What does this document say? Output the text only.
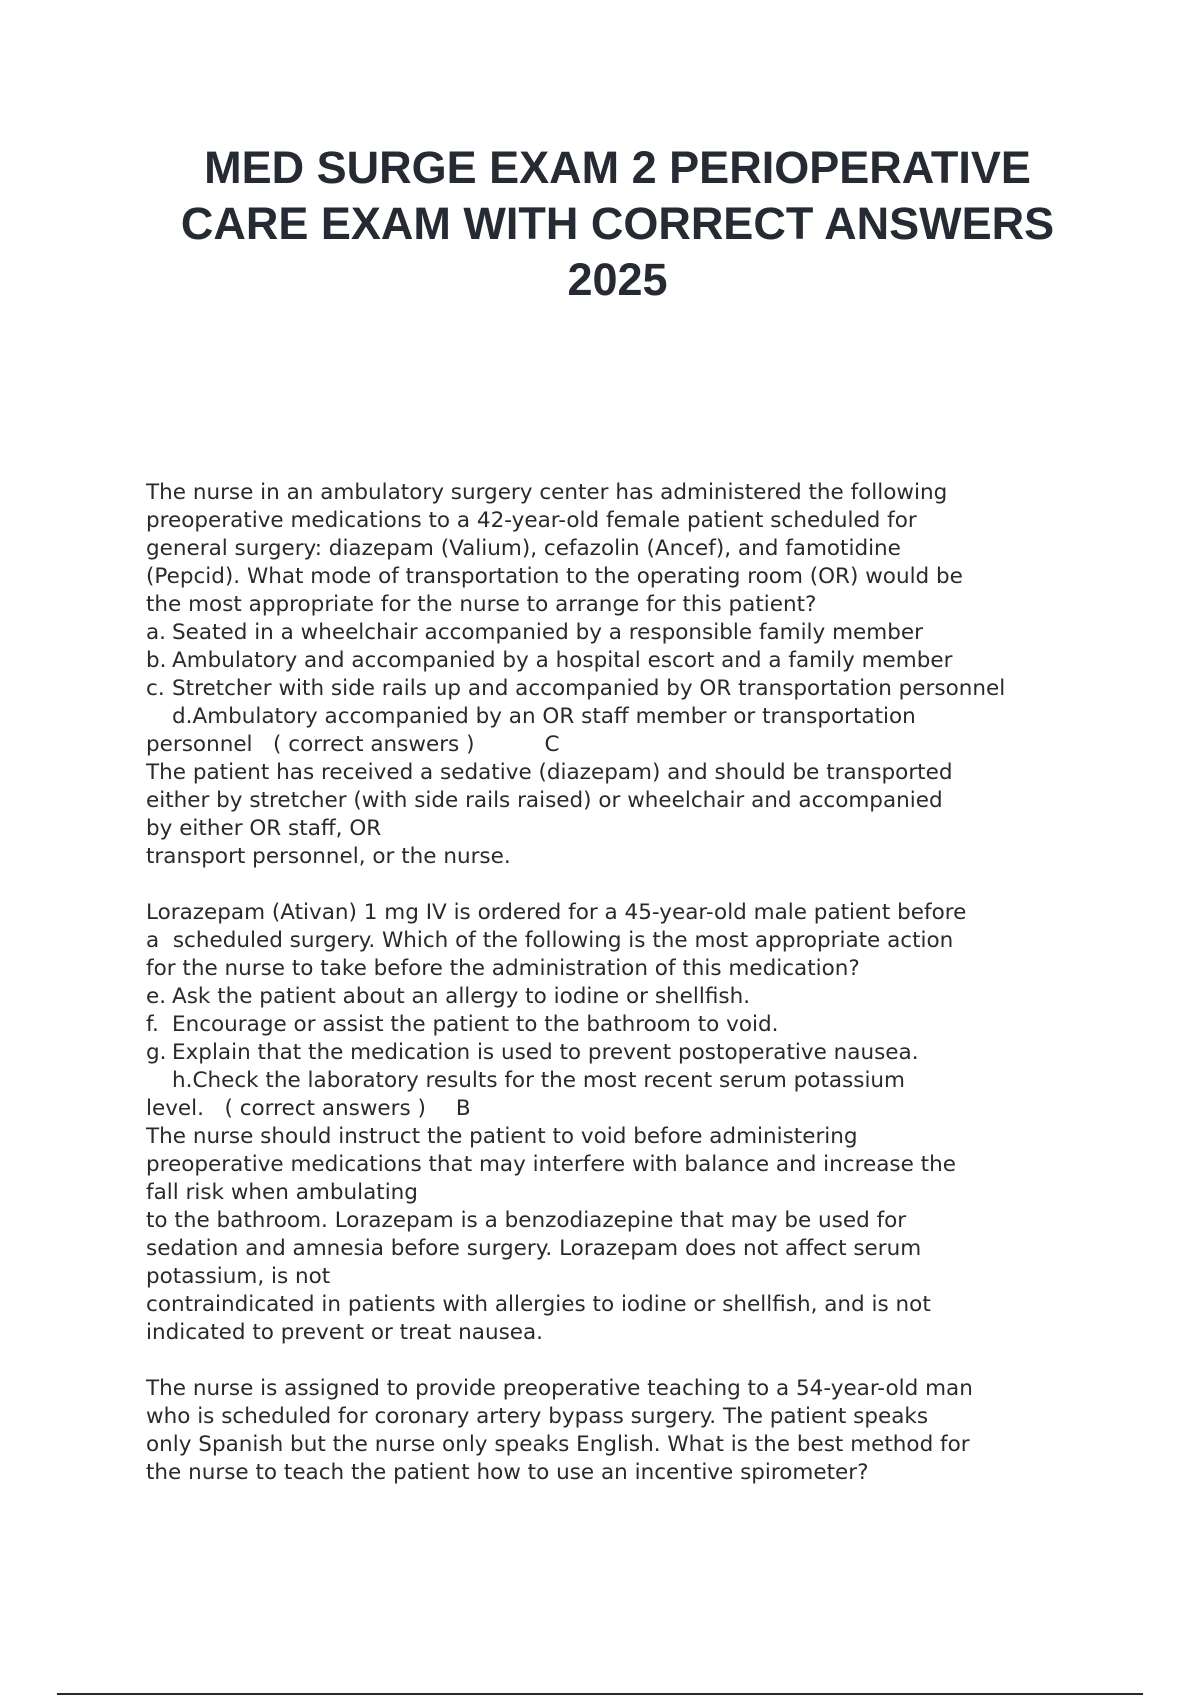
MED SURGE EXAM 2 PERIOPERATIVE
CARE EXAM WITH CORRECT ANSWERS
2025

The nurse in an ambulatory surgery center has administered the following

preoperative medications to a 42-year-old female patient scheduled for

general surgery: diazepam (Valium), cefazolin (Ancef), and famotidine

(Pepcid). What mode of transportation to the operating room (OR) would be

the most appropriate for the nurse to arrange for this patient?

a. Seated in a wheelchair accompanied by a responsible family member
b. Ambulatory and accompanied by a hospital escort and a family member
c. Stretcher with side rails up and accompanied by OR transportation personnel

d.Ambulatory accompanied by an OR staff member or transportation

personnel ( correct answers )	C

The patient has received a sedative (diazepam) and should be transported

either by stretcher (with side rails raised) or wheelchair and accompanied

by either OR staff, OR

transport personnel, or the nurse.

Lorazepam (Ativan) 1 mg IV is ordered for a 45-year-old male patient before

a  scheduled surgery. Which of the following is the most appropriate action

for the nurse to take before the administration of this medication?

e. Ask the patient about an allergy to iodine or shellfish.
f. Encourage or assist the patient to the bathroom to void.
g. Explain that the medication is used to prevent postoperative nausea.

h.Check the laboratory results for the most recent serum potassium

level. ( correct answers ) B

The nurse should instruct the patient to void before administering

preoperative medications that may interfere with balance and increase the

fall risk when ambulating

to the bathroom. Lorazepam is a benzodiazepine that may be used for

sedation and amnesia before surgery. Lorazepam does not affect serum

potassium, is not

contraindicated in patients with allergies to iodine or shellfish, and is not

indicated to prevent or treat nausea.

The nurse is assigned to provide preoperative teaching to a 54-year-old man

who is scheduled for coronary artery bypass surgery. The patient speaks

only Spanish but the nurse only speaks English. What is the best method for

the nurse to teach the patient how to use an incentive spirometer?
